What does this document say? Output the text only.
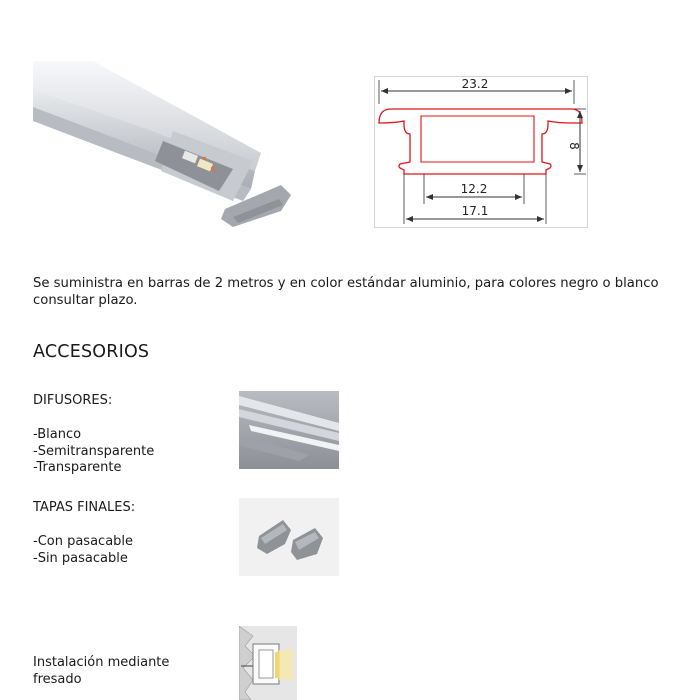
23.2
8
12.2
17.1
Se suministra en barras de 2 metros y en color estándar aluminio, para colores negro o blanco consultar plazo.
ACCESORIOS
DIFUSORES:
-Blanco
-Semitransparente
-Transparente
TAPAS FINALES:
-Con pasacable
-Sin pasacable
Instalación mediante
fresado
